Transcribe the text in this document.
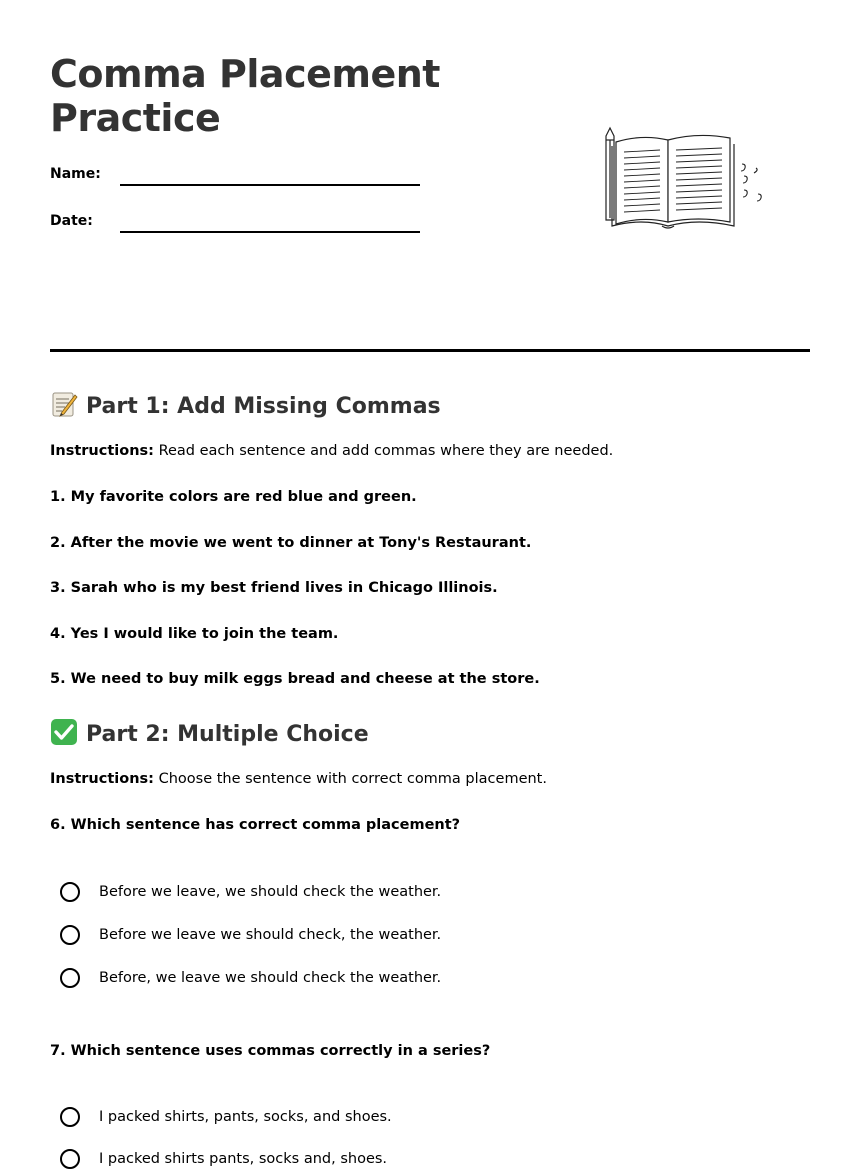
Comma Placement Practice
Name:
Date:
Part 1: Add Missing Commas
Instructions: Read each sentence and add commas where they are needed.
1. My favorite colors are red blue and green.
2. After the movie we went to dinner at Tony's Restaurant.
3. Sarah who is my best friend lives in Chicago Illinois.
4. Yes I would like to join the team.
5. We need to buy milk eggs bread and cheese at the store.
Part 2: Multiple Choice
Instructions: Choose the sentence with correct comma placement.
6. Which sentence has correct comma placement?
Before we leave, we should check the weather.
Before we leave we should check, the weather.
Before, we leave we should check the weather.
7. Which sentence uses commas correctly in a series?
I packed shirts, pants, socks, and shoes.
I packed shirts pants, socks and, shoes.
